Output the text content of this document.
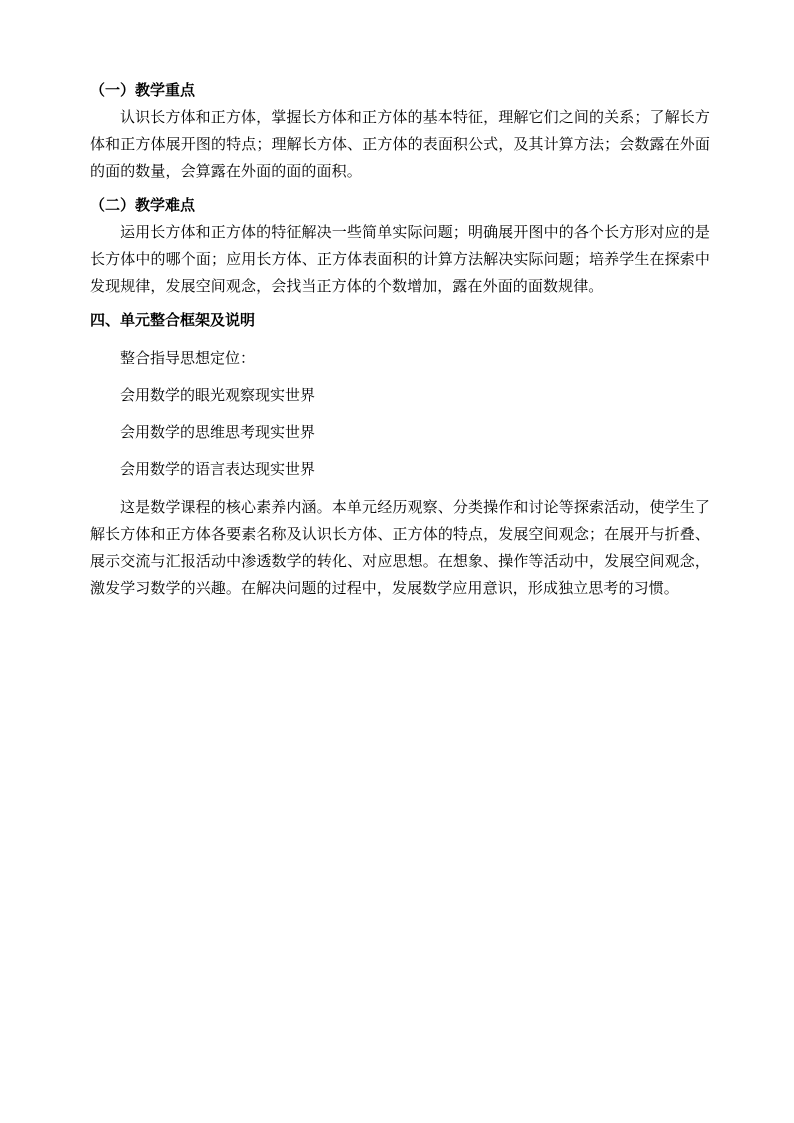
（一）教学重点

认识长方体和正方体，掌握长方体和正方体的基本特征，理解它们之间的关系；了解长方体和正方体展开图的特点；理解长方体、正方体的表面积公式，及其计算方法；会数露在外面的面的数量，会算露在外面的面的面积。

（二）教学难点

运用长方体和正方体的特征解决一些简单实际问题；明确展开图中的各个长方形对应的是长方体中的哪个面；应用长方体、正方体表面积的计算方法解决实际问题；培养学生在探索中发现规律，发展空间观念，会找当正方体的个数增加，露在外面的面数规律。

四、单元整合框架及说明

整合指导思想定位：

会用数学的眼光观察现实世界

会用数学的思维思考现实世界

会用数学的语言表达现实世界

这是数学课程的核心素养内涵。本单元经历观察、分类操作和讨论等探索活动，使学生了解长方体和正方体各要素名称及认识长方体、正方体的特点，发展空间观念；在展开与折叠、展示交流与汇报活动中渗透数学的转化、对应思想。在想象、操作等活动中，发展空间观念，激发学习数学的兴趣。在解决问题的过程中，发展数学应用意识，形成独立思考的习惯。
